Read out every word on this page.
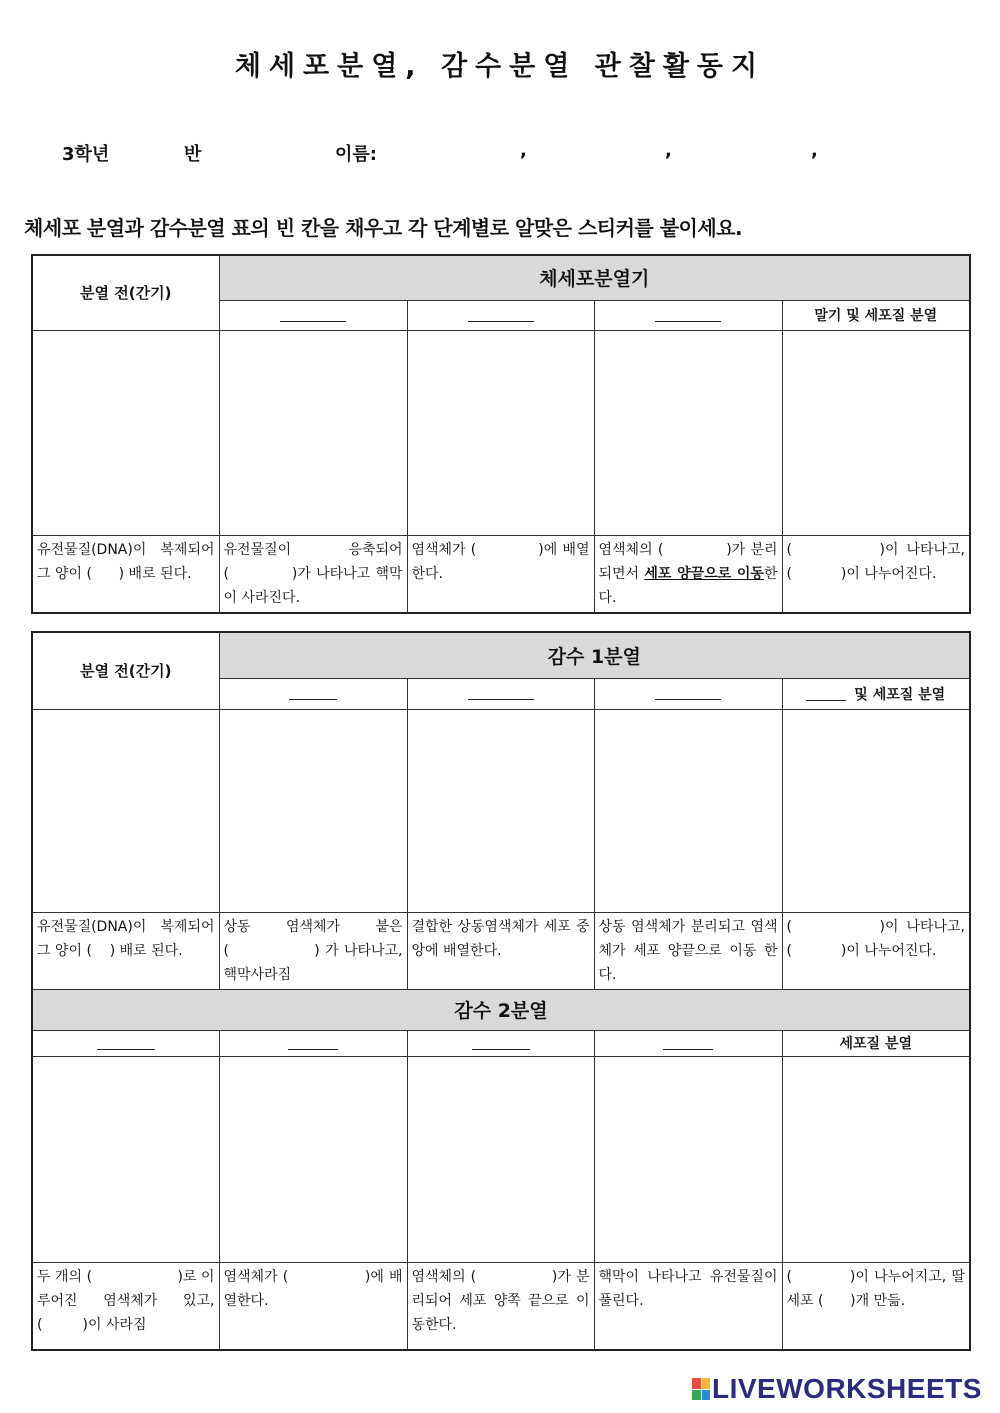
체세포분열, 감수분열 관찰활동지
3학년	반	이름:	,	,	,
체세포 분열과 감수분열 표의 빈 칸을 채우고 각 단계별로 알맞은 스티커를 붙이세요.
분열 전(간기)	체세포분열기			
				말기 및 세포질 분열

유전물질(DNA)이 복제되어 그 양이 (      ) 배로 된다.	유전물질이 응축되어 (            )가 나타나고 핵막이 사라진다.	염색체가 (            )에 배열 한다.	염색체의 (            )가 분리되면서 세포 양끝으로 이동한다.	(           )이 나타나고, (           )이 나누어진다.
분열 전(간기)	감수 1분열			
				및 세포질 분열

유전물질(DNA)이 복제되어 그 양이 (    ) 배로 된다.	상동 염색체가 붙은 (                ) 가 나타나고, 핵막사라짐	결합한 상동염색체가 세포 중앙에 배열한다.	상동 염색체가 분리되고 염색체가 세포 양끝으로 이동 한다.	(           )이 나타나고, (           )이 나누어진다.
감수 2분열				
				세포질 분열

두 개의 (                   )로 이루어진 염색체가 있고, (         )이 사라짐	염색체가 (               )에 배열한다.	염색체의 (               )가 분리되어 세포 양쪽 끝으로 이동한다.	핵막이 나타나고 유전물질이 풀린다.	(           )이 나누어지고, 딸세포 (      )개 만듦.
LIVEWORKSHEETS
